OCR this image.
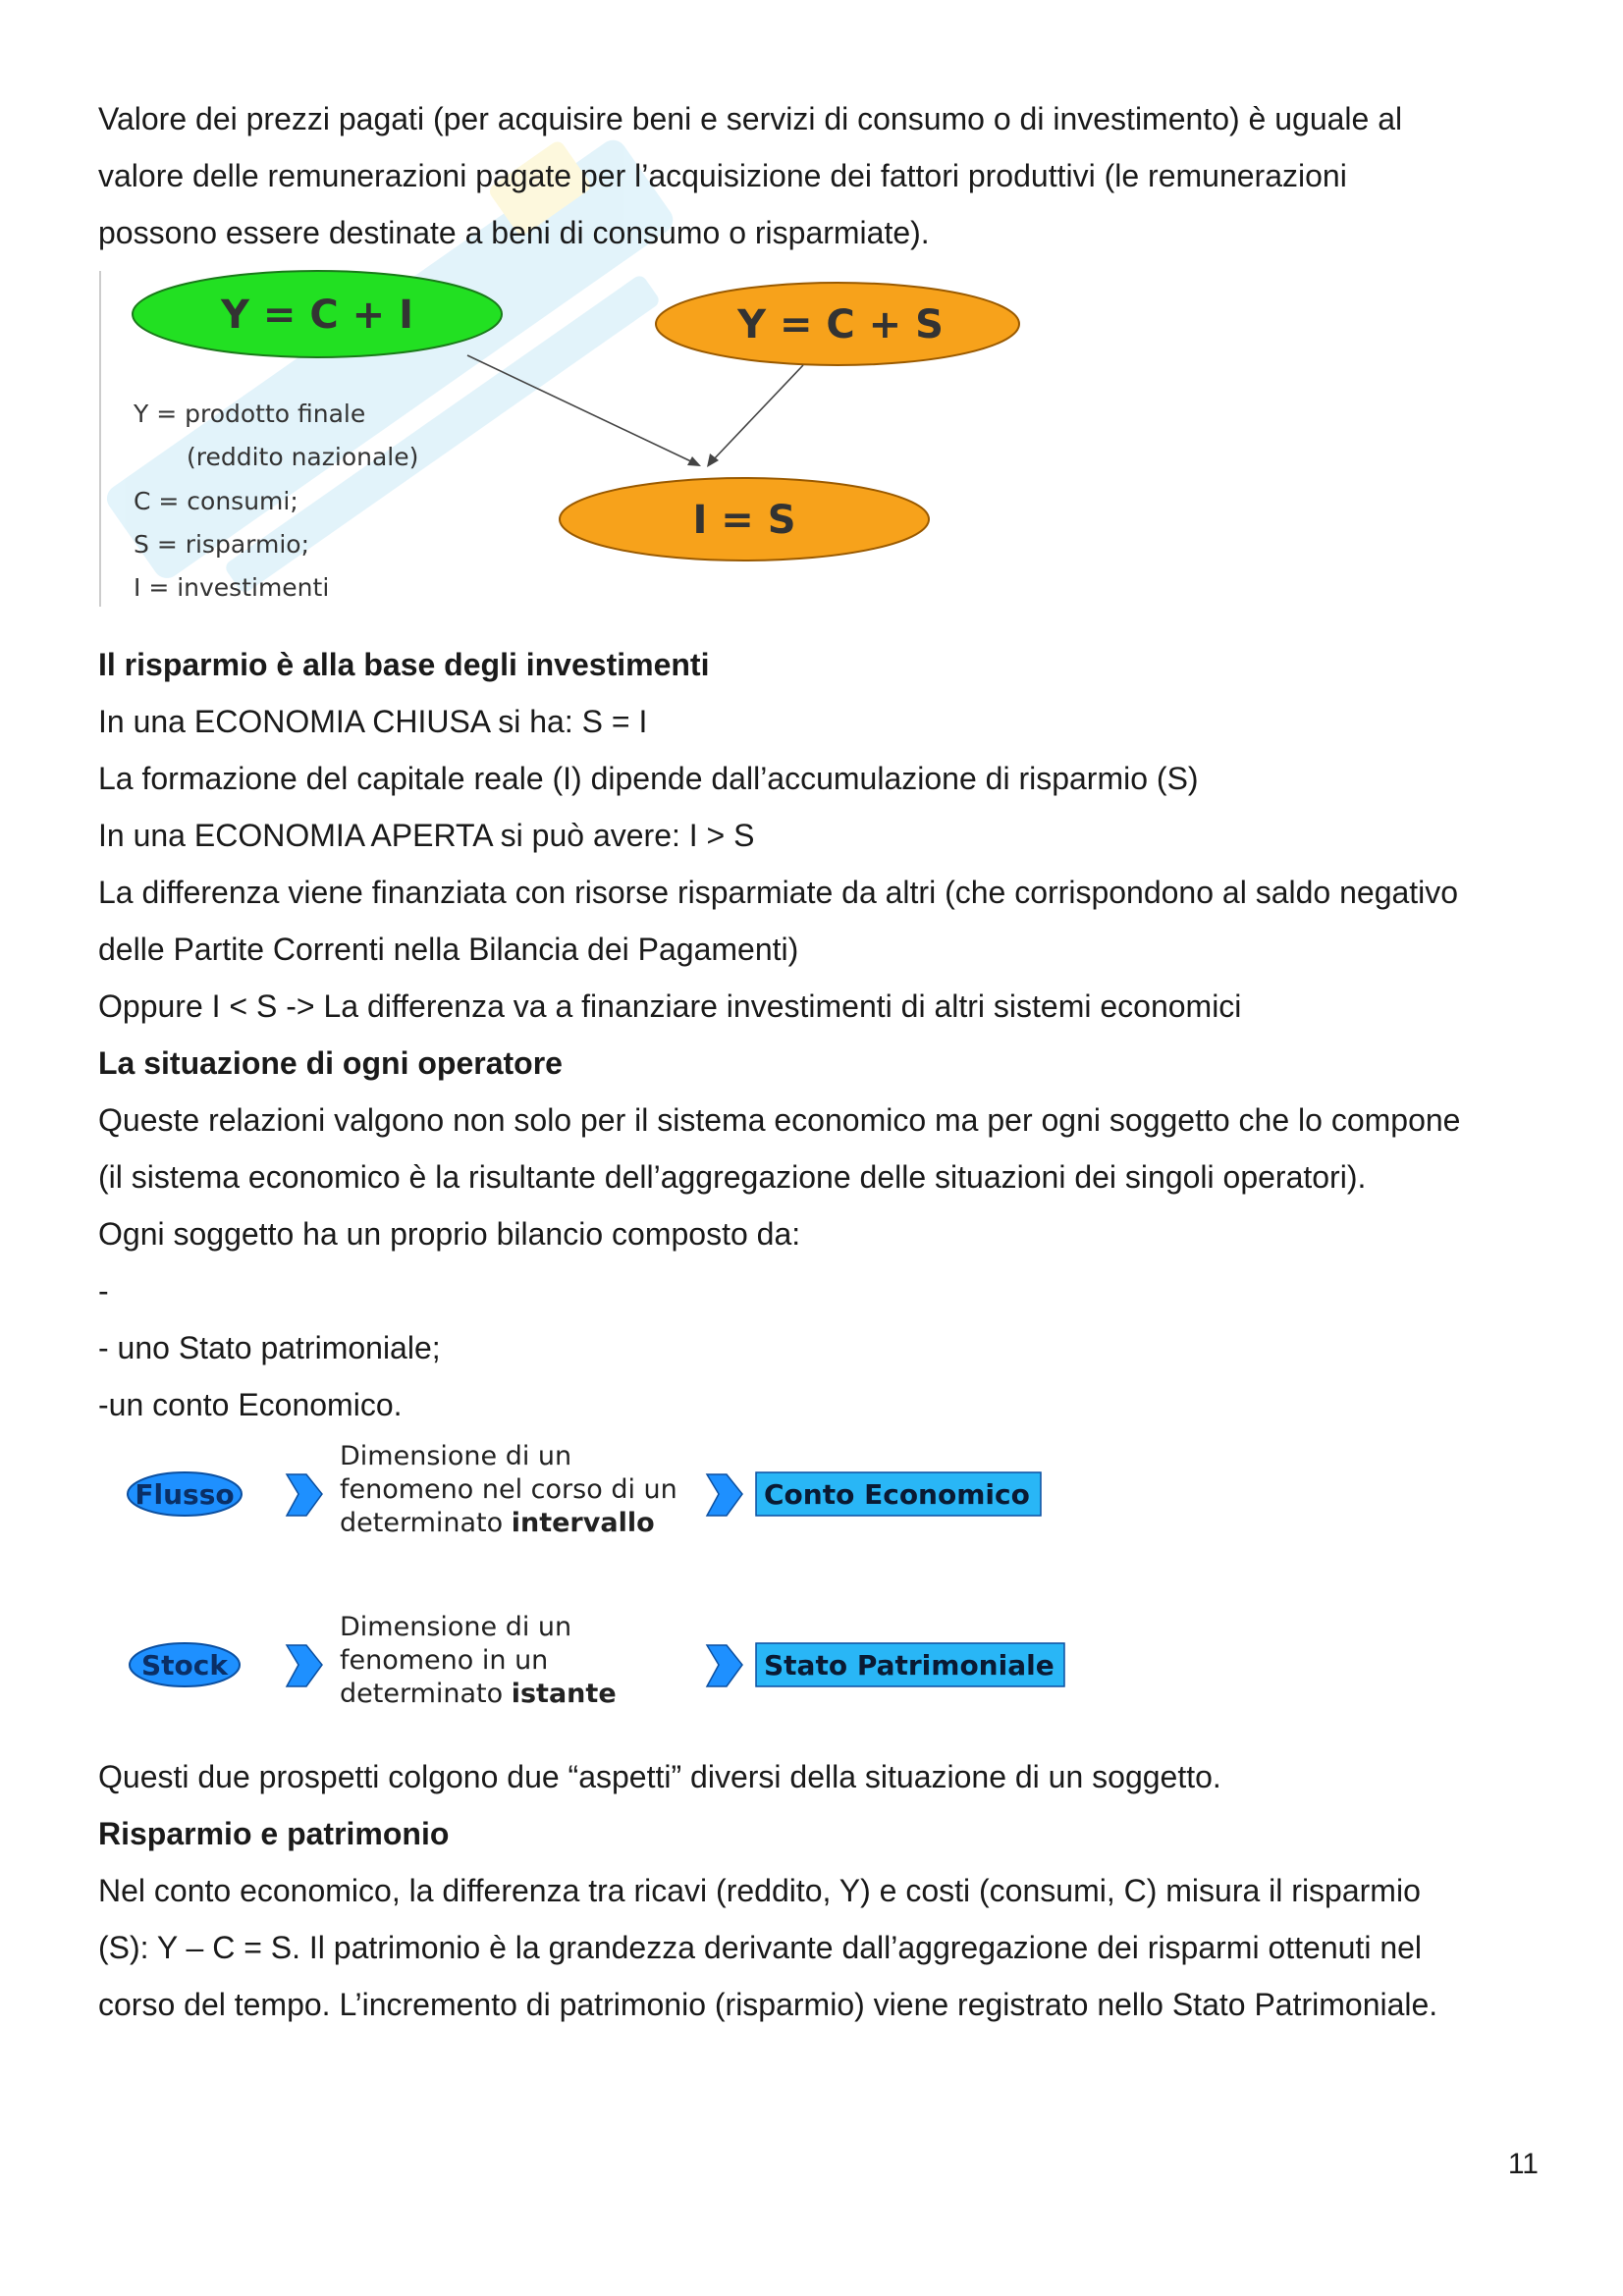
Valore dei prezzi pagati (per acquisire beni e servizi di consumo o di investimento) è uguale al

valore delle remunerazioni pagate per l’acquisizione dei fattori produttivi (le remunerazioni

possono essere destinate a beni di consumo o risparmiate).

Y = C + I	Y = C + S
I = S
Y = prodotto finale
(reddito nazionale)
C = consumi;
S = risparmio;
I = investimenti

Il risparmio è alla base degli investimenti

In una ECONOMIA CHIUSA si ha: S = I

La formazione del capitale reale (I) dipende dall’accumulazione di risparmio (S)

In una ECONOMIA APERTA si può avere: I > S

La differenza viene finanziata con risorse risparmiate da altri (che corrispondono al saldo negativo

delle Partite Correnti nella Bilancia dei Pagamenti)

Oppure I < S -> La differenza va a finanziare investimenti di altri sistemi economici

La situazione di ogni operatore

Queste relazioni valgono non solo per il sistema economico ma per ogni soggetto che lo compone

(il sistema economico è la risultante dell’aggregazione delle situazioni dei singoli operatori).

Ogni soggetto ha un proprio bilancio composto da:

-

- uno Stato patrimoniale;

-un conto Economico.

Flusso
Dimensione di un
fenomeno nel corso di un
determinato intervallo
Conto Economico
Stock
Dimensione di un
fenomeno in un
determinato istante
Stato Patrimoniale

Questi due prospetti colgono due “aspetti” diversi della situazione di un soggetto.

Risparmio e patrimonio

Nel conto economico, la differenza tra ricavi (reddito, Y) e costi (consumi, C) misura il risparmio

(S): Y – C = S. Il patrimonio è la grandezza derivante dall’aggregazione dei risparmi ottenuti nel

corso del tempo. L’incremento di patrimonio (risparmio) viene registrato nello Stato Patrimoniale.

11
